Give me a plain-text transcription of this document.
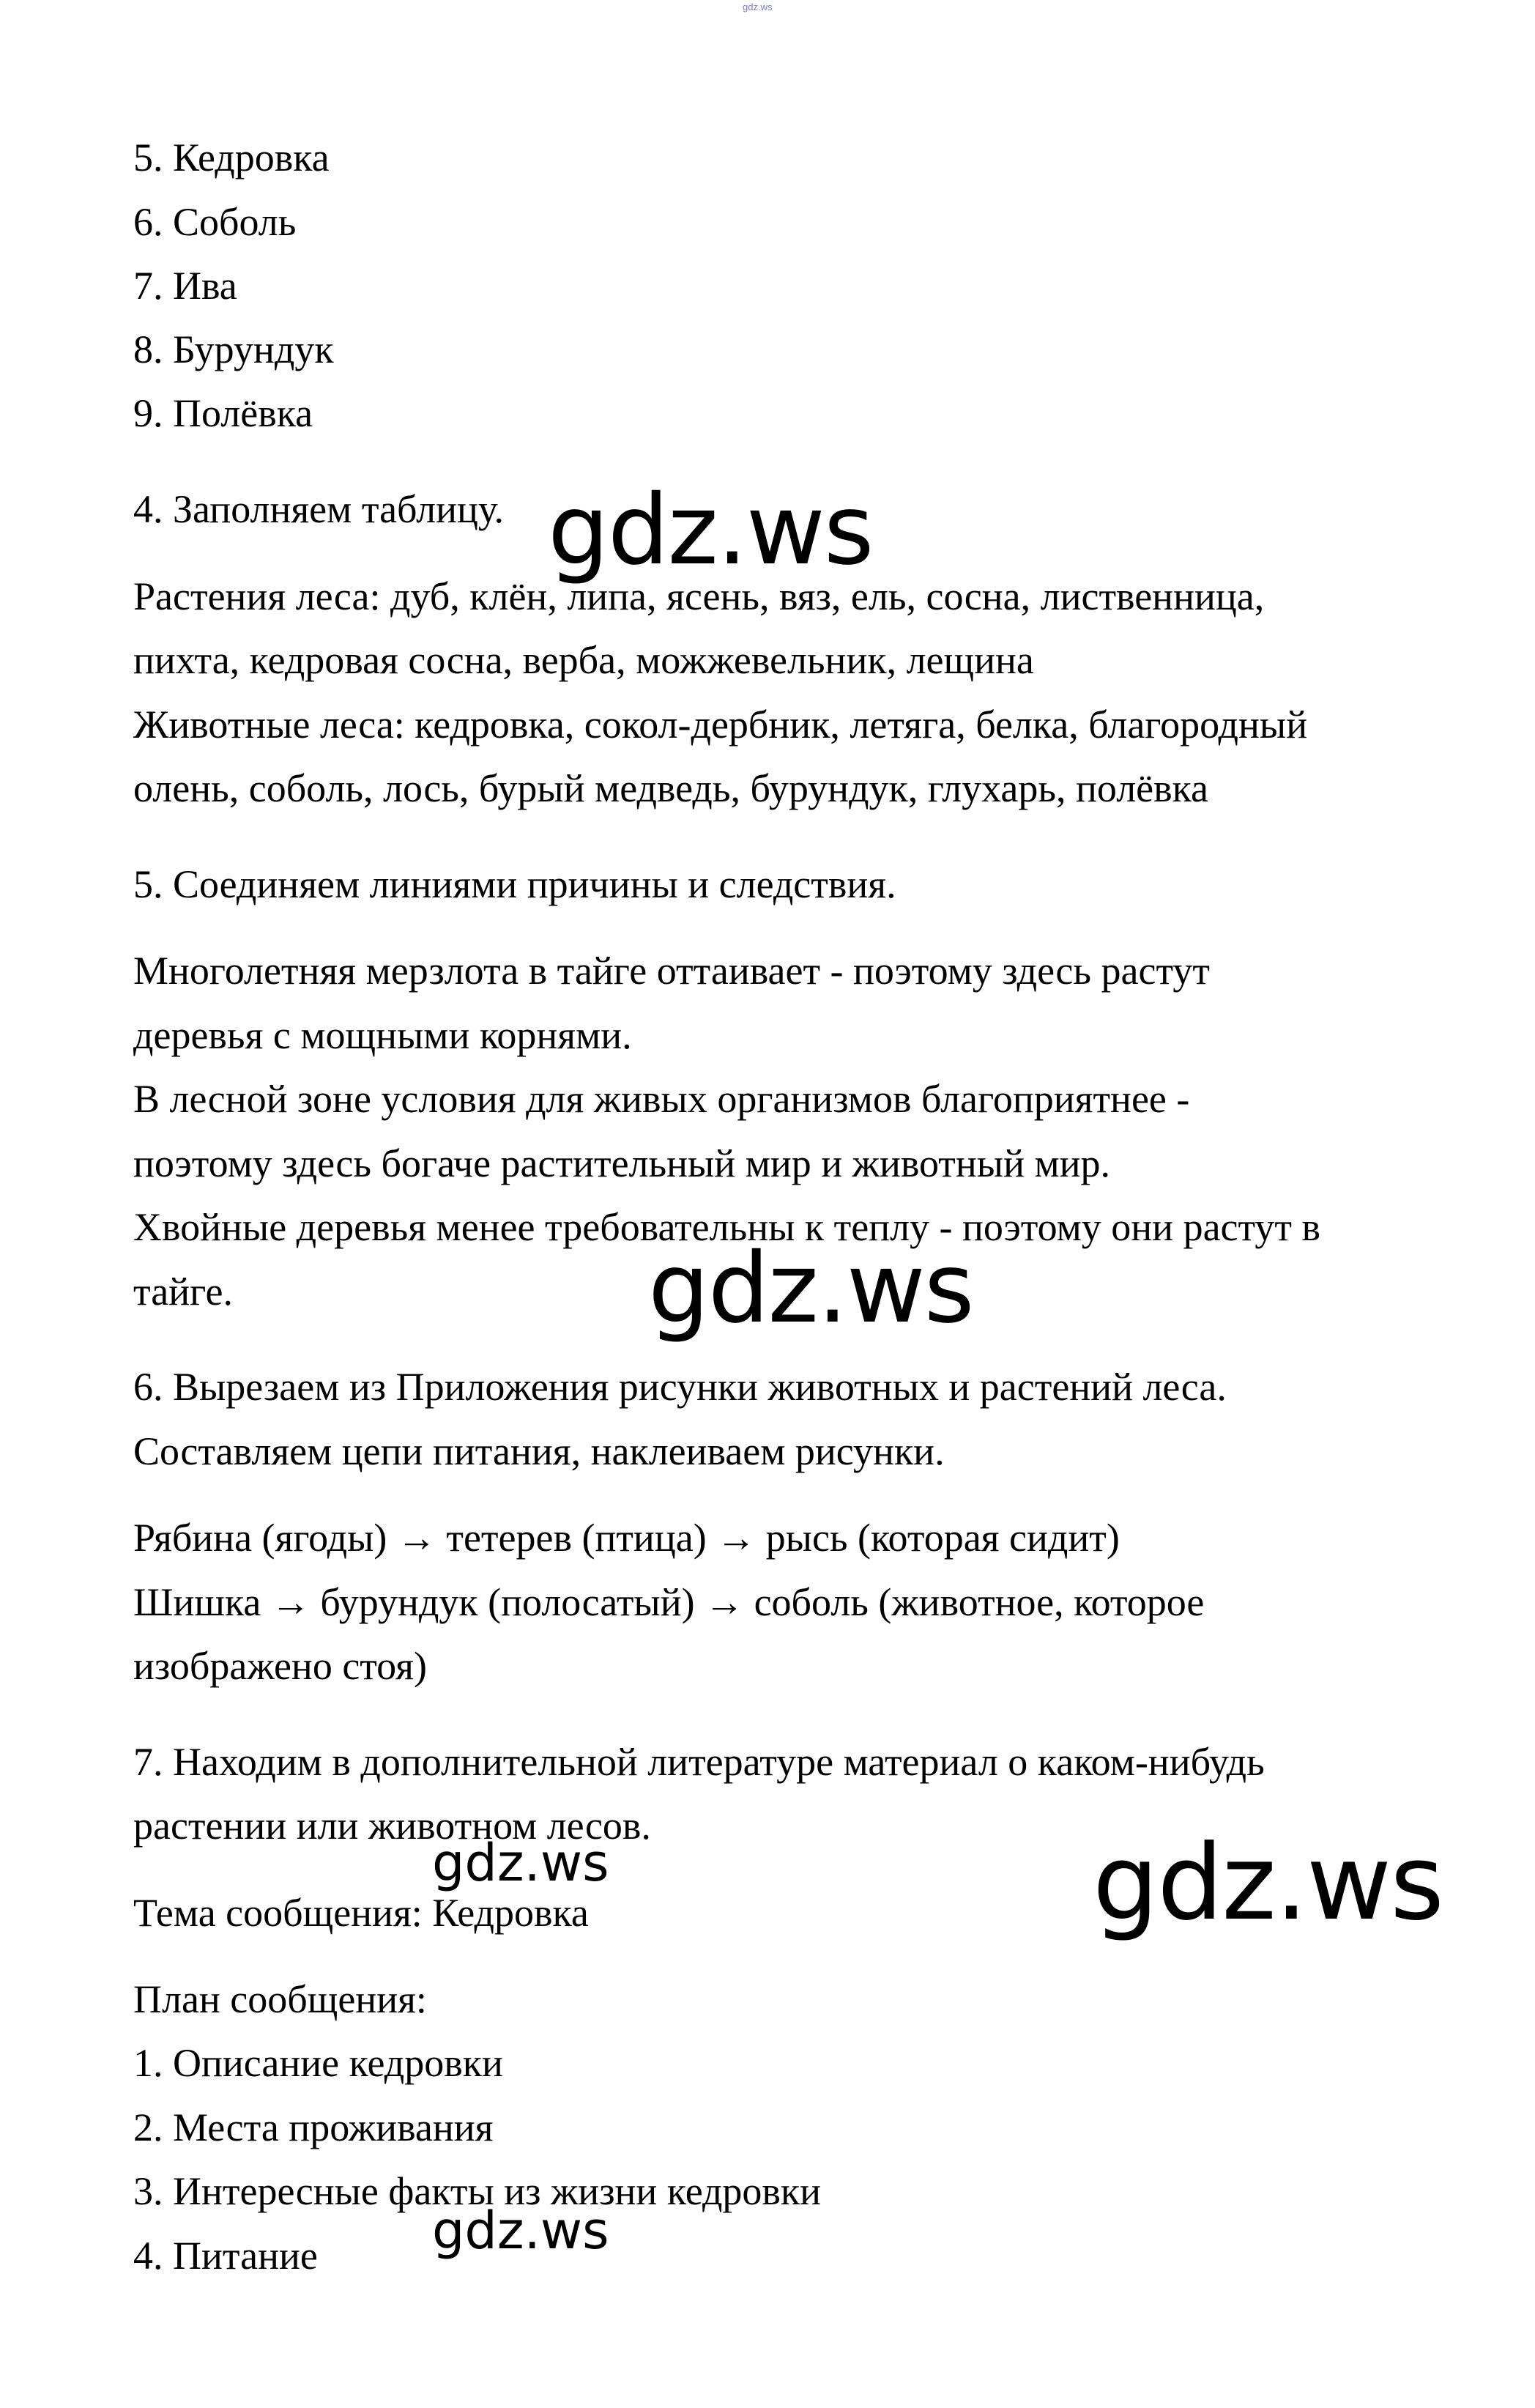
gdz.ws
5. Кедровка
6. Соболь
7. Ива
8. Бурундук
9. Полёвка
4. Заполняем таблицу.
Растения леса: дуб, клён, липа, ясень, вяз, ель, сосна, лиственница,
пихта, кедровая сосна, верба, можжевельник, лещина
Животные леса: кедровка, сокол-дербник, летяга, белка, благородный
олень, соболь, лось, бурый медведь, бурундук, глухарь, полёвка
5. Соединяем линиями причины и следствия.
Многолетняя мерзлота в тайге оттаивает - поэтому здесь растут
деревья с мощными корнями.
В лесной зоне условия для живых организмов благоприятнее -
поэтому здесь богаче растительный мир и животный мир.
Хвойные деревья менее требовательны к теплу - поэтому они растут в
тайге.
6. Вырезаем из Приложения рисунки животных и растений леса.
Составляем цепи питания, наклеиваем рисунки.
Рябина (ягоды) → тетерев (птица) → рысь (которая сидит)
Шишка → бурундук (полосатый) → соболь (животное, которое
изображено стоя)
7. Находим в дополнительной литературе материал о каком-нибудь
растении или животном лесов.
Тема сообщения: Кедровка
План сообщения:
1. Описание кедровки
2. Места проживания
3. Интересные факты из жизни кедровки
4. Питание
gdz.ws
gdz.ws
gdz.ws
gdz.ws
gdz.ws
